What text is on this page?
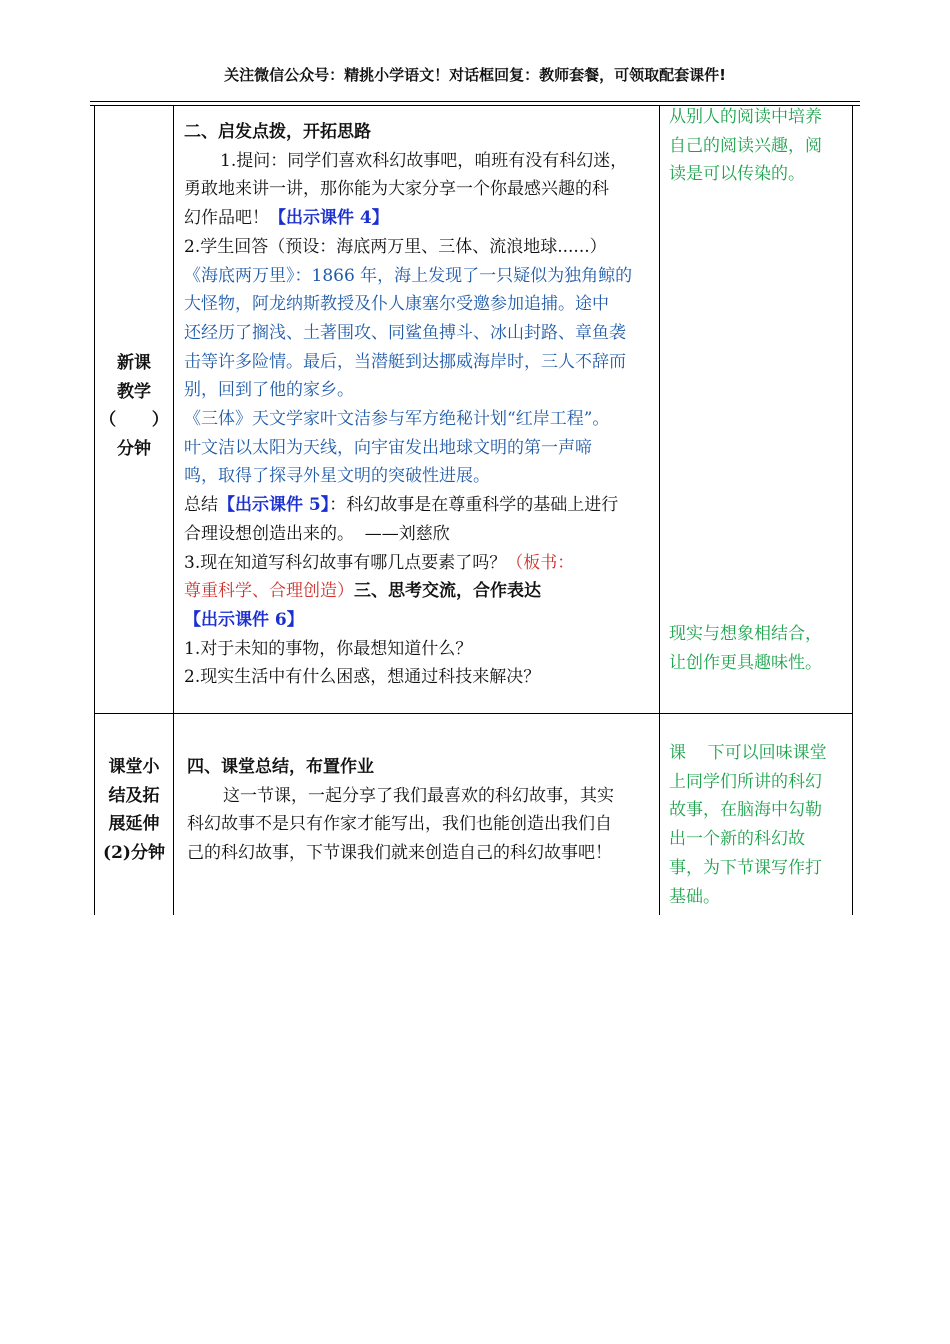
关注微信公众号：精挑小学语文！对话框回复：教师套餐，可领取配套课件!
新课
教学
（      ）
分钟

二、启发点拨，开拓思路

1.提问：同学们喜欢科幻故事吧，咱班有没有科幻迷，

勇敢地来讲一讲，那你能为大家分享一个你最感兴趣的科

幻作品吧！【出示课件 4】

2.学生回答（预设：海底两万里、三体、流浪地球......）

《海底两万里》：1866 年，海上发现了一只疑似为独角鲸的

大怪物，阿龙纳斯教授及仆人康塞尔受邀参加追捕。途中

还经历了搁浅、土著围攻、同鲨鱼搏斗、冰山封路、章鱼袭

击等许多险情。最后，当潜艇到达挪威海岸时，三人不辞而

别，回到了他的家乡。

《三体》天文学家叶文洁参与军方绝秘计划“红岸工程”。

叶文洁以太阳为天线，向宇宙发出地球文明的第一声啼

鸣，取得了探寻外星文明的突破性进展。

总结【出示课件 5】：科幻故事是在尊重科学的基础上进行

合理设想创造出来的。  ——刘慈欣

3.现在知道写科幻故事有哪几点要素了吗？（板书：

尊重科学、合理创造）三、思考交流，合作表达

【出示课件 6】

1.对于未知的事物，你最想知道什么？

2.现实生活中有什么困惑，想通过科技来解决？

从别人的阅读中培养
自己的阅读兴趣，阅
读是可以传染的。
现实与想象相结合，
让创作更具趣味性。
课堂小
结及拓
展延伸
(2)分钟

四、课堂总结，布置作业

这一节课，一起分享了我们最喜欢的科幻故事，其实

科幻故事不是只有作家才能写出，我们也能创造出我们自

己的科幻故事，下节课我们就来创造自己的科幻故事吧！

课    下可以回味课堂
上同学们所讲的科幻
故事，在脑海中勾勒
出一个新的科幻故
事，为下节课写作打
基础。
